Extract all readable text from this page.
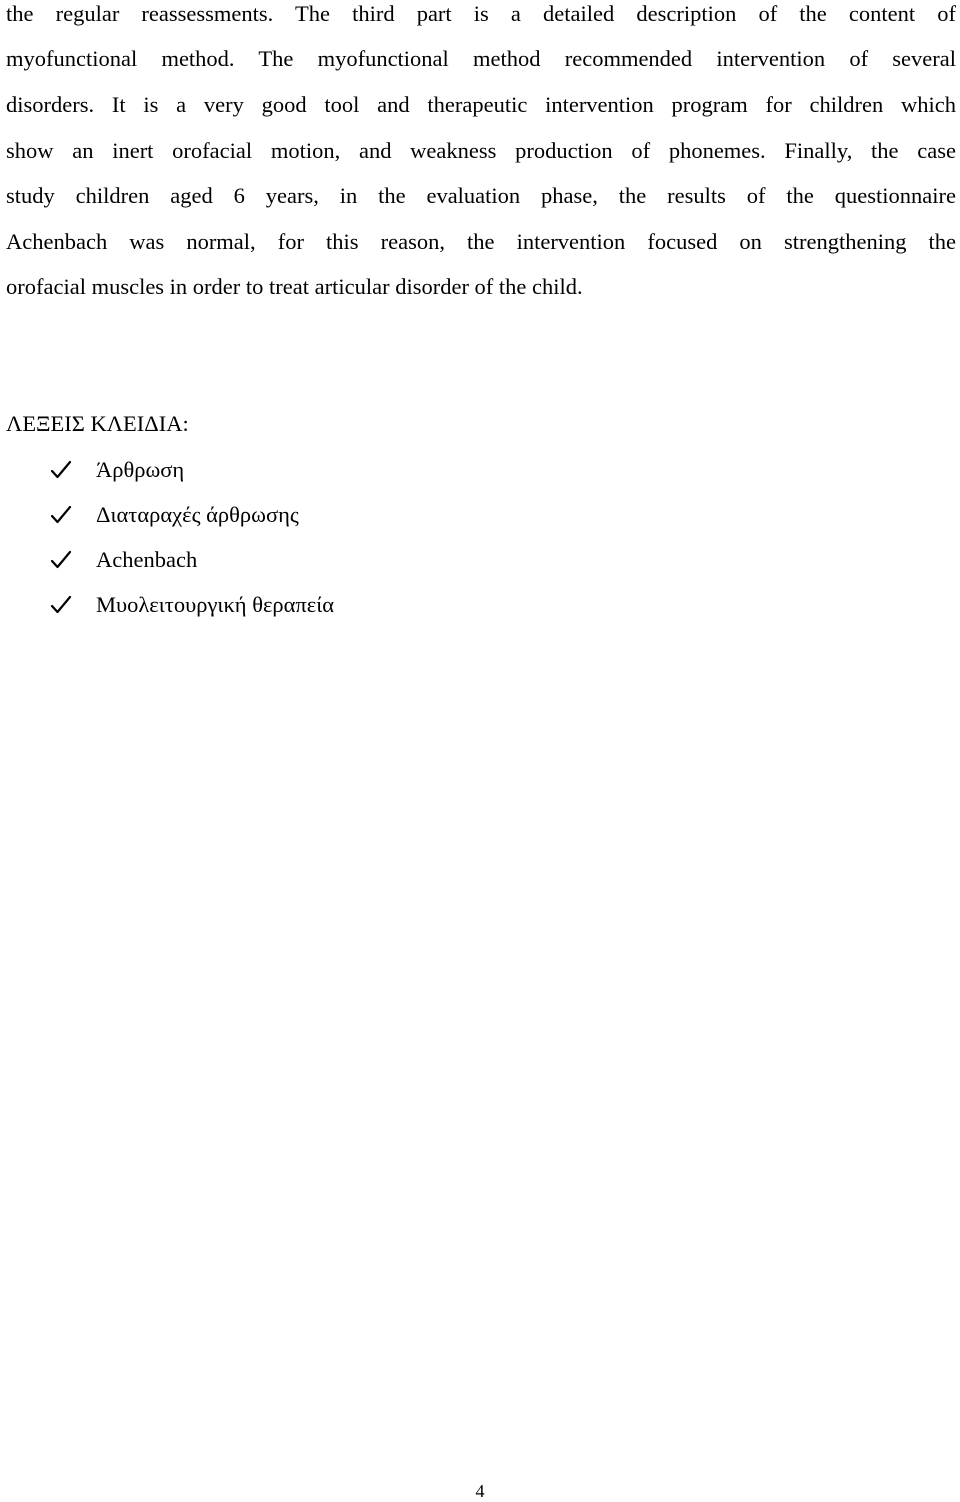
the regular reassessments. The third part is a detailed description of the content of
myofunctional method. The myofunctional method recommended intervention of several
disorders. It is a very good tool and therapeutic intervention program for children which
show an inert orofacial motion, and weakness production of phonemes. Finally, the case
study children aged 6 years, in the evaluation phase, the results of the questionnaire
Achenbach was normal, for this reason, the intervention focused on strengthening the
orofacial muscles in order to treat articular disorder of the child.
ΛΕΞΕΙΣ ΚΛΕΙΔΙΑ:
Άρθρωση
Διαταραχές άρθρωσης
Achenbach
Μυολειτουργική θεραπεία
4
